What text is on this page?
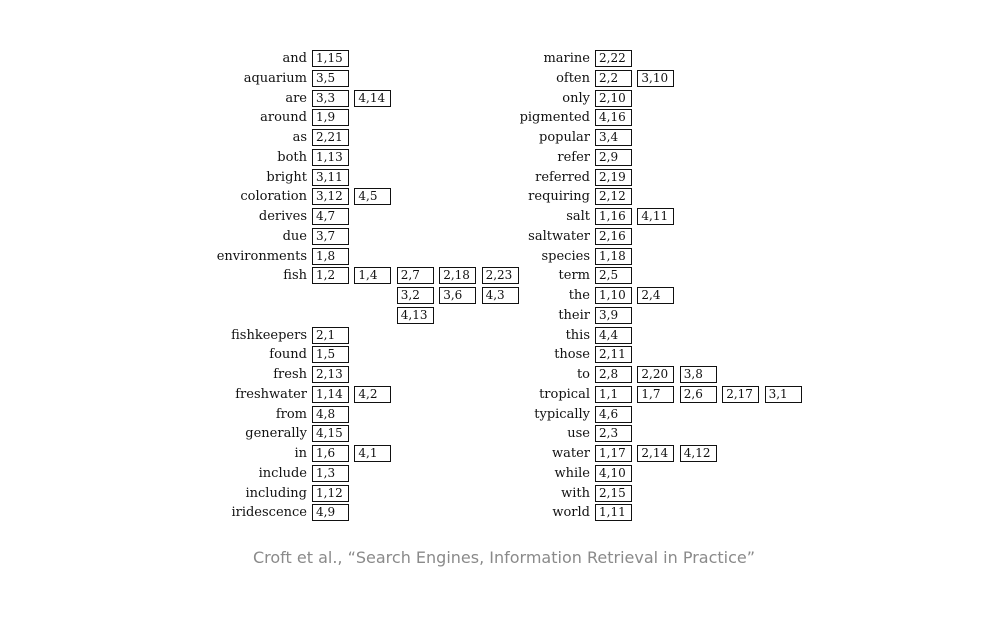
and 1,15
aquarium 3,5
are 3,3	4,14
around 1,9
as 2,21
both 1,13
bright 3,11
coloration 3,12	4,5
derives 4,7
due 3,7
environments 1,8
fish 1,2	1,4	2,7	2,18	2,23
3,2	3,6	4,3
4,13
fishkeepers 2,1
found 1,5
fresh 2,13
freshwater 1,14	4,2
from 4,8
generally 4,15
in 1,6	4,1
include 1,3
including 1,12
iridescence 4,9
marine 2,22
often 2,2	3,10
only 2,10
pigmented 4,16
popular 3,4
refer 2,9
referred 2,19
requiring 2,12
salt 1,16	4,11
saltwater 2,16
species 1,18
term 2,5
the 1,10	2,4
their 3,9
this 4,4
those 2,11
to 2,8	2,20	3,8
tropical 1,1	1,7	2,6	2,17	3,1
typically 4,6
use 2,3
water 1,17	2,14	4,12
while 4,10
with 2,15
world 1,11
Croft et al., “Search Engines, Information Retrieval in Practice”
